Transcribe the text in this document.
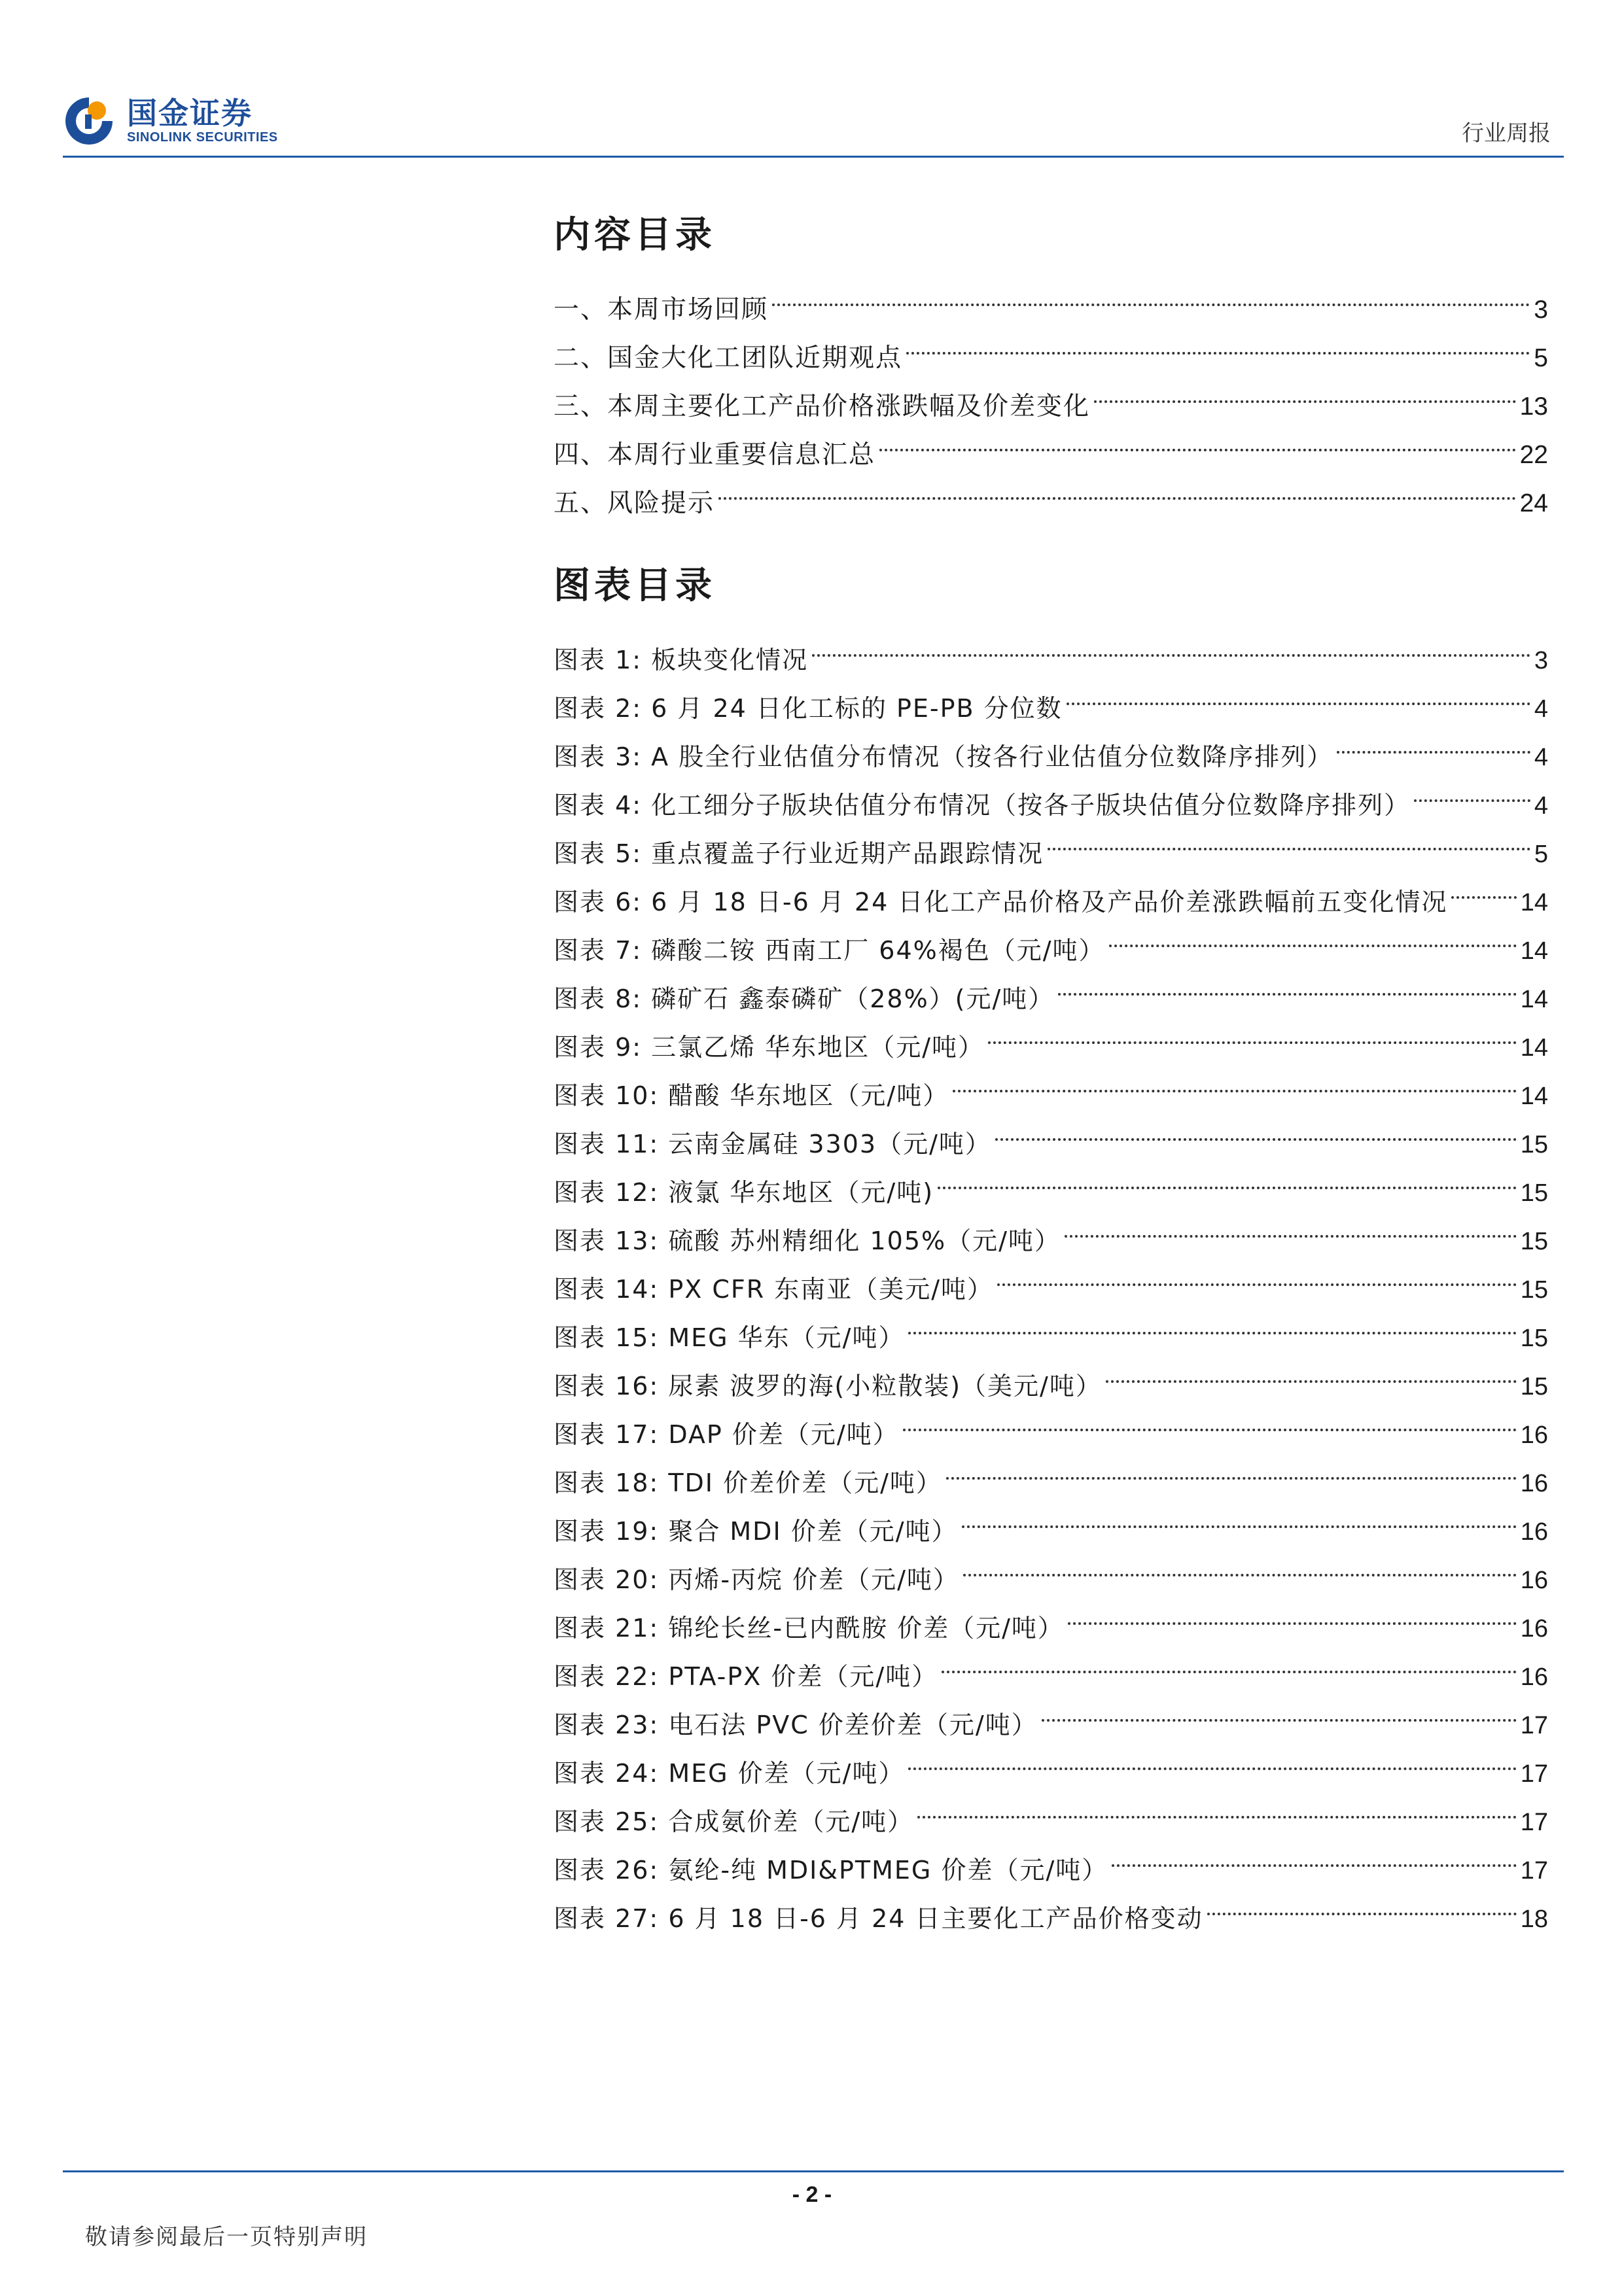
国金证券
SINOLINK SECURITIES	行业周报
内容目录
一、本周市场回顾	3
二、国金大化工团队近期观点	5
三、本周主要化工产品价格涨跌幅及价差变化	13
四、本周行业重要信息汇总	22
五、风险提示	24
图表目录
图表 1: 板块变化情况	3
图表 2: 6 月 24 日化工标的 PE-PB 分位数	4
图表 3: A 股全行业估值分布情况（按各行业估值分位数降序排列）	4
图表 4: 化工细分子版块估值分布情况（按各子版块估值分位数降序排列）	4
图表 5: 重点覆盖子行业近期产品跟踪情况	5
图表 6: 6 月 18 日-6 月 24 日化工产品价格及产品价差涨跌幅前五变化情况	14
图表 7: 磷酸二铵 西南工厂 64%褐色（元/吨）	14
图表 8: 磷矿石 鑫泰磷矿（28%）(元/吨）	14
图表 9: 三氯乙烯 华东地区（元/吨）	14
图表 10: 醋酸 华东地区（元/吨）	14
图表 11: 云南金属硅 3303（元/吨）	15
图表 12: 液氯 华东地区（元/吨)	15
图表 13: 硫酸 苏州精细化 105%（元/吨）	15
图表 14: PX CFR 东南亚（美元/吨）	15
图表 15: MEG 华东（元/吨）	15
图表 16: 尿素 波罗的海(小粒散装)（美元/吨）	15
图表 17: DAP 价差（元/吨）	16
图表 18: TDI 价差价差（元/吨）	16
图表 19: 聚合 MDI 价差（元/吨）	16
图表 20: 丙烯-丙烷 价差（元/吨）	16
图表 21: 锦纶长丝-已内酰胺 价差（元/吨）	16
图表 22: PTA-PX 价差（元/吨）	16
图表 23: 电石法 PVC 价差价差（元/吨）	17
图表 24: MEG 价差（元/吨）	17
图表 25: 合成氨价差（元/吨）	17
图表 26: 氨纶-纯 MDI&PTMEG 价差（元/吨）	17
图表 27: 6 月 18 日-6 月 24 日主要化工产品价格变动	18
- 2 -
敬请参阅最后一页特别声明
